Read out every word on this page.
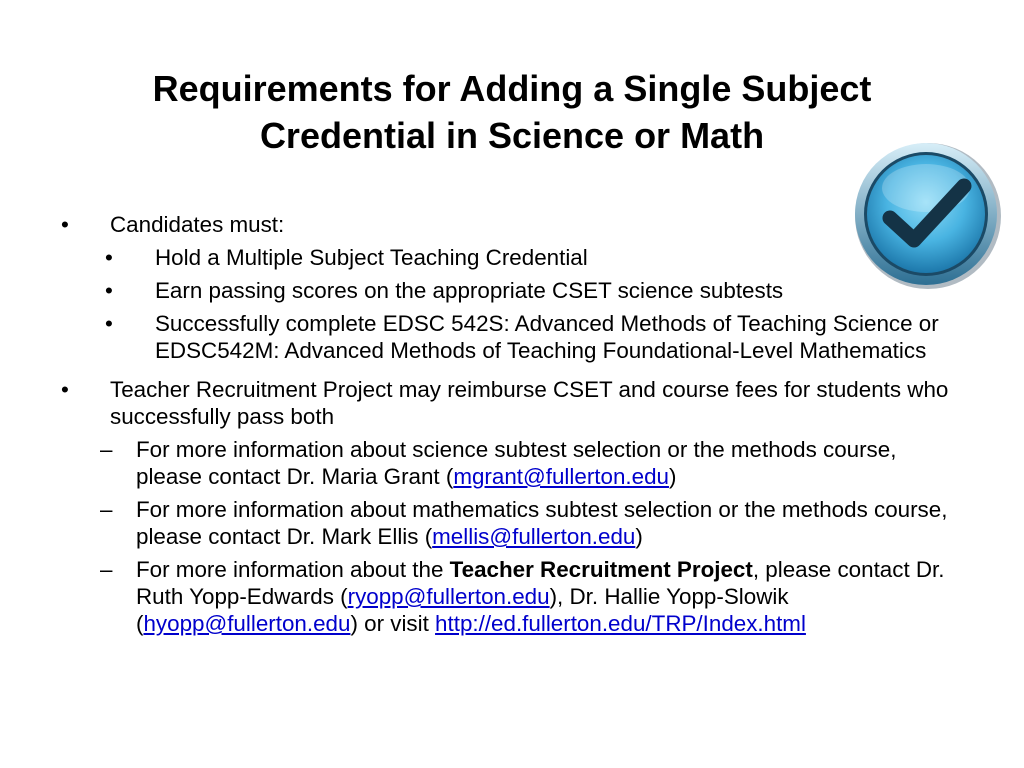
Requirements for Adding a Single Subject
Credential in Science or Math
• Candidates must:
• Hold a Multiple Subject Teaching Credential
• Earn passing scores on the appropriate CSET science subtests
• Successfully complete EDSC 542S: Advanced Methods of Teaching Science or EDSC542M: Advanced Methods of Teaching Foundational-Level Mathematics
• Teacher Recruitment Project may reimburse CSET and course fees for students who successfully pass both
– For more information about science subtest selection or the methods course, please contact Dr. Maria Grant (mgrant@fullerton.edu)
– For more information about mathematics subtest selection or the methods course, please contact Dr. Mark Ellis (mellis@fullerton.edu)
– For more information about the Teacher Recruitment Project, please contact Dr. Ruth Yopp-Edwards (ryopp@fullerton.edu), Dr. Hallie Yopp-Slowik (hyopp@fullerton.edu) or visit http://ed.fullerton.edu/TRP/Index.html
